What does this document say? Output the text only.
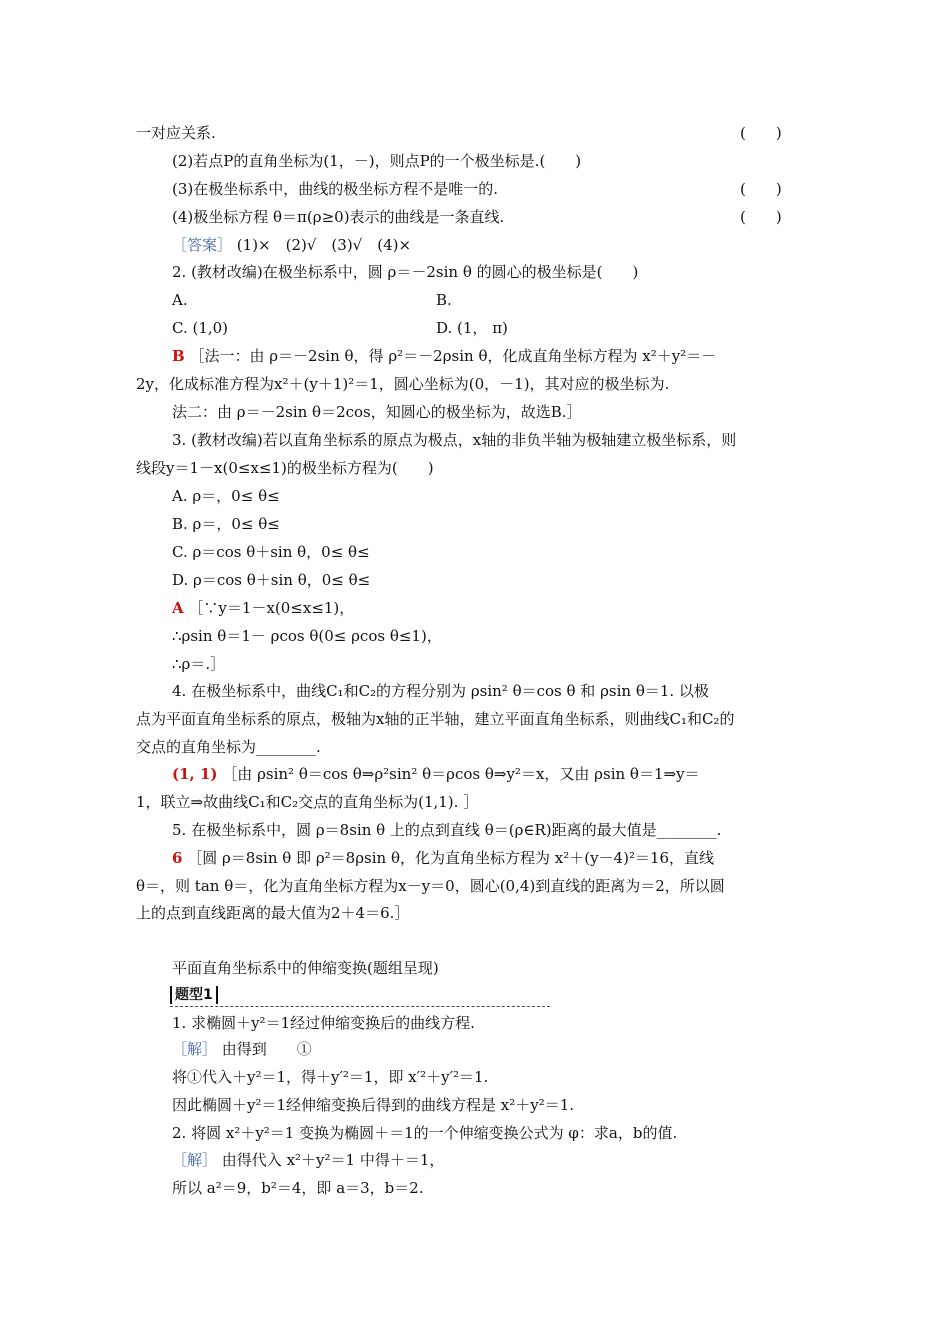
一对应关系.
(2)若点P的直角坐标为(1，－)，则点P的一个极坐标是.(　　)
(3)在极坐标系中，曲线的极坐标方程不是唯一的.
(4)极坐标方程 θ＝π(ρ≥0)表示的曲线是一条直线.
A.	B.
C. (1,0)	D. (1， π)
2y，化成标准方程为x²＋(y＋1)²＝1，圆心坐标为(0，－1)，其对应的极坐标为.
法二：由 ρ＝－2sin θ＝2cos，知圆心的极坐标为，故选B.］
3. (教材改编)若以直角坐标系的原点为极点，x轴的非负半轴为极轴建立极坐标系，则
线段y＝1－x(0≤x≤1)的极坐标方程为(　　)
A. ρ＝，0≤ θ≤
B. ρ＝，0≤ θ≤
C. ρ＝cos θ＋sin θ，0≤ θ≤
D. ρ＝cos θ＋sin θ，0≤ θ≤
∴ρsin θ＝1－ ρcos θ(0≤ ρcos θ≤1)，
∴ρ＝.］
4. 在极坐标系中，曲线C₁和C₂的方程分别为 ρsin² θ＝cos θ 和 ρsin θ＝1. 以极
点为平面直角坐标系的原点，极轴为x轴的正半轴，建立平面直角坐标系，则曲线C₁和C₂的
交点的直角坐标为________.
1，联立⇒故曲线C₁和C₂交点的直角坐标为(1,1). ］
5. 在极坐标系中，圆 ρ＝8sin θ 上的点到直线 θ＝(ρ∈R)距离的最大值是________.
θ＝，则 tan θ＝，化为直角坐标方程为x－y＝0，圆心(0,4)到直线的距离为＝2，所以圆
上的点到直线距离的最大值为2＋4＝6.］
平面直角坐标系中的伸缩变换(题组呈现)
1. 求椭圆＋y²＝1经过伸缩变换后的曲线方程.
将①代入＋y²＝1，得＋y′²＝1，即 x′²＋y′²＝1.
因此椭圆＋y²＝1经伸缩变换后得到的曲线方程是 x²＋y²＝1.
2. 将圆 x²＋y²＝1 变换为椭圆＋＝1的一个伸缩变换公式为 φ：求a，b的值.
所以 a²＝9，b²＝4，即 a＝3，b＝2.
(　　)
(　　)
(　　)
［答案］ (1)×　(2)√　(3)√　(4)×
2. (教材改编)在极坐标系中，圆 ρ＝－2sin θ 的圆心的极坐标是(　　)
B ［法一：由 ρ＝－2sin θ，得 ρ²＝－2ρsin θ，化成直角坐标方程为 x²＋y²＝－
A ［∵y＝1－x(0≤x≤1)，
(1, 1) ［由 ρsin² θ＝cos θ⇒ρ²sin² θ＝ρcos θ⇒y²＝x，又由 ρsin θ＝1⇒y＝
6 ［圆 ρ＝8sin θ 即 ρ²＝8ρsin θ，化为直角坐标方程为 x²＋(y－4)²＝16，直线
题型1
［解］ 由得到　　①
［解］ 由得代入 x²＋y²＝1 中得＋＝1，
